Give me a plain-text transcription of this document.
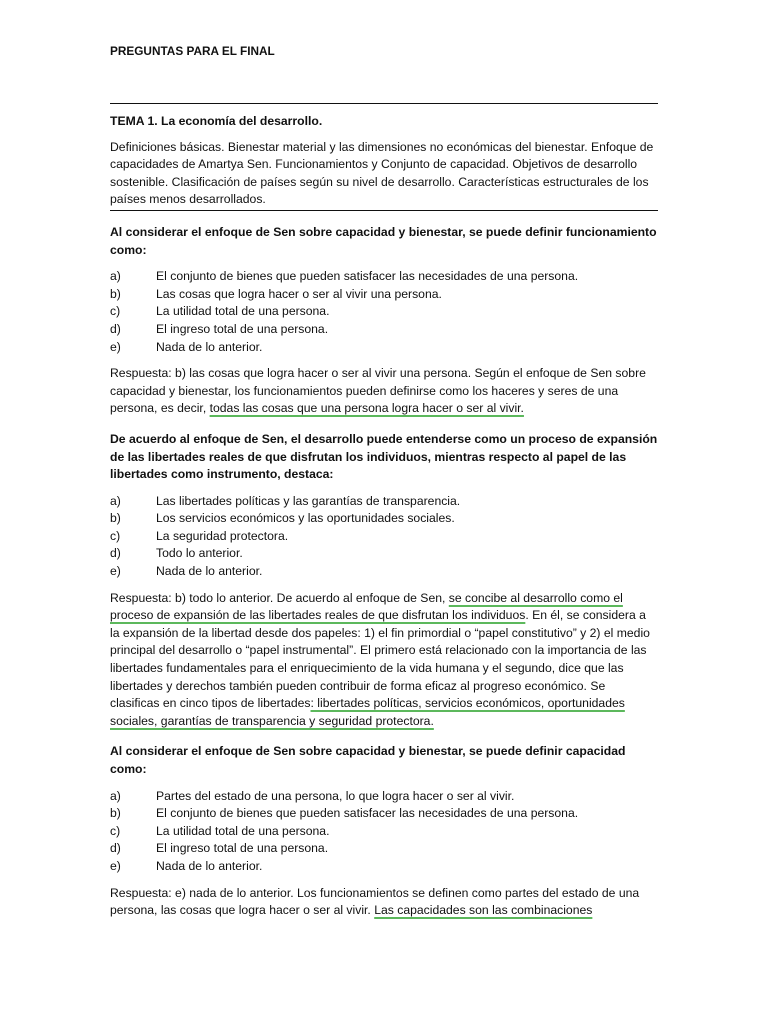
PREGUNTAS PARA EL FINAL

TEMA 1. La economía del desarrollo.

Definiciones básicas. Bienestar material y las dimensiones no económicas del bienestar. Enfoque de capacidades de Amartya Sen. Funcionamientos y Conjunto de capacidad. Objetivos de desarrollo sostenible. Clasificación de países según su nivel de desarrollo. Características estructurales de los países menos desarrollados.

Al considerar el enfoque de Sen sobre capacidad y bienestar, se puede definir funcionamiento como:

a)	El conjunto de bienes que pueden satisfacer las necesidades de una persona.
b)	Las cosas que logra hacer o ser al vivir una persona.
c)	La utilidad total de una persona.
d)	El ingreso total de una persona.
e)	Nada de lo anterior.

Respuesta: b) las cosas que logra hacer o ser al vivir una persona. Según el enfoque de Sen sobre capacidad y bienestar, los funcionamientos pueden definirse como los haceres y seres de una persona, es decir, todas las cosas que una persona logra hacer o ser al vivir.

De acuerdo al enfoque de Sen, el desarrollo puede entenderse como un proceso de expansión de las libertades reales de que disfrutan los individuos, mientras respecto al papel de las libertades como instrumento, destaca:

a)	Las libertades políticas y las garantías de transparencia.
b)	Los servicios económicos y las oportunidades sociales.
c)	La seguridad protectora.
d)	Todo lo anterior.
e)	Nada de lo anterior.

Respuesta: b) todo lo anterior. De acuerdo al enfoque de Sen, se concibe al desarrollo como el proceso de expansión de las libertades reales de que disfrutan los individuos. En él, se considera a la expansión de la libertad desde dos papeles: 1) el fin primordial o “papel constitutivo” y 2) el medio principal del desarrollo o “papel instrumental”. El primero está relacionado con la importancia de las libertades fundamentales para el enriquecimiento de la vida humana y el segundo, dice que las libertades y derechos también pueden contribuir de forma eficaz al progreso económico. Se clasificas en cinco tipos de libertades: libertades políticas, servicios económicos, oportunidades sociales, garantías de transparencia y seguridad protectora.

Al considerar el enfoque de Sen sobre capacidad y bienestar, se puede definir capacidad como:

a)	Partes del estado de una persona, lo que logra hacer o ser al vivir.
b)	El conjunto de bienes que pueden satisfacer las necesidades de una persona.
c)	La utilidad total de una persona.
d)	El ingreso total de una persona.
e)	Nada de lo anterior.

Respuesta: e) nada de lo anterior. Los funcionamientos se definen como partes del estado de una persona, las cosas que logra hacer o ser al vivir. Las capacidades son las combinaciones
